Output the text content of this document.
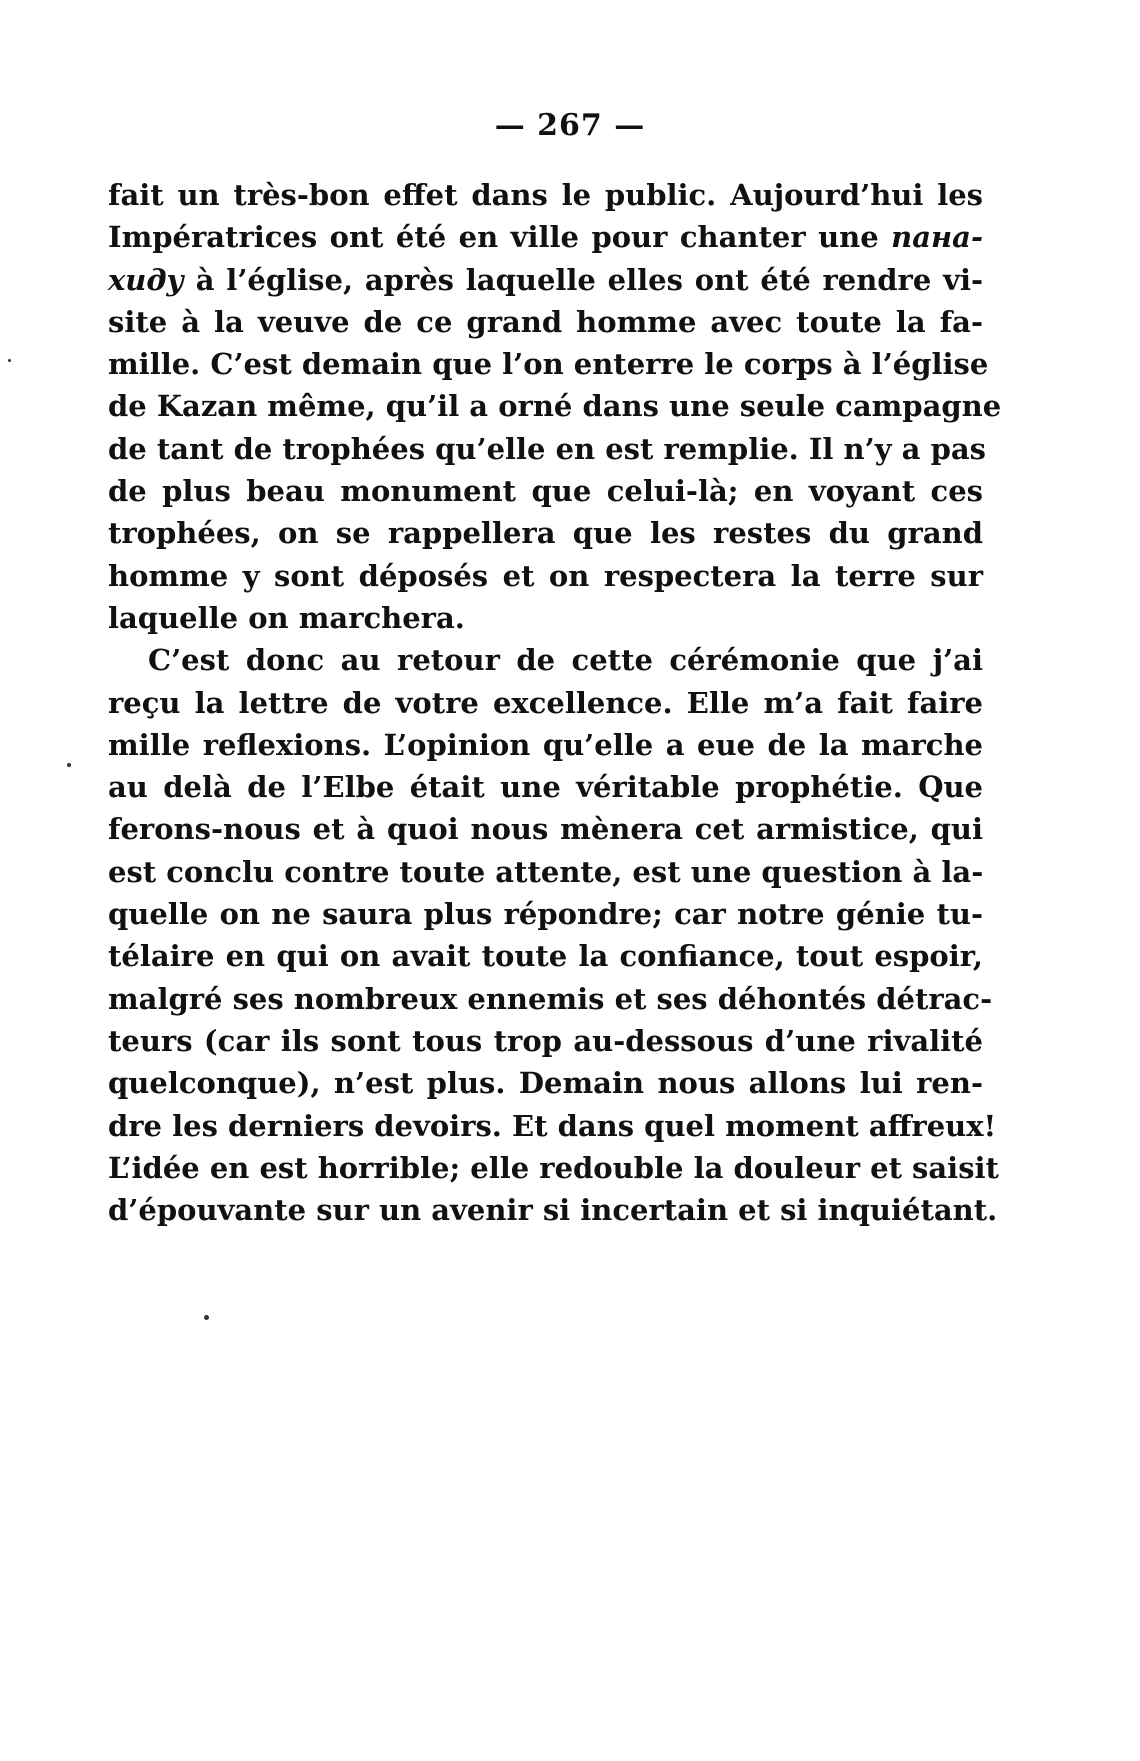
— 267 —
fait un très-bon effet dans le public. Aujourd’hui les
Impératrices ont été en ville pour chanter une пана-
хиду à l’église, après laquelle elles ont été rendre vi-
site à la veuve de ce grand homme avec toute la fa-
mille. C’est demain que l’on enterre le corps à l’église
de Kazan même, qu’il a orné dans une seule campagne
de tant de trophées qu’elle en est remplie. Il n’y a pas
de plus beau monument que celui-là; en voyant ces
trophées, on se rappellera que les restes du grand
homme y sont déposés et on respectera la terre sur
laquelle on marchera.
C’est donc au retour de cette cérémonie que j’ai
reçu la lettre de votre excellence. Elle m’a fait faire
mille reflexions. L’opinion qu’elle a eue de la marche
au delà de l’Elbe était une véritable prophétie. Que
ferons-nous et à quoi nous mènera cet armistice, qui
est conclu contre toute attente, est une question à la-
quelle on ne saura plus répondre; car notre génie tu-
télaire en qui on avait toute la confiance, tout espoir,
malgré ses nombreux ennemis et ses déhontés détrac-
teurs (car ils sont tous trop au-dessous d’une rivalité
quelconque), n’est plus. Demain nous allons lui ren-
dre les derniers devoirs. Et dans quel moment affreux!
L’idée en est horrible; elle redouble la douleur et saisit
d’épouvante sur un avenir si incertain et si inquiétant.
